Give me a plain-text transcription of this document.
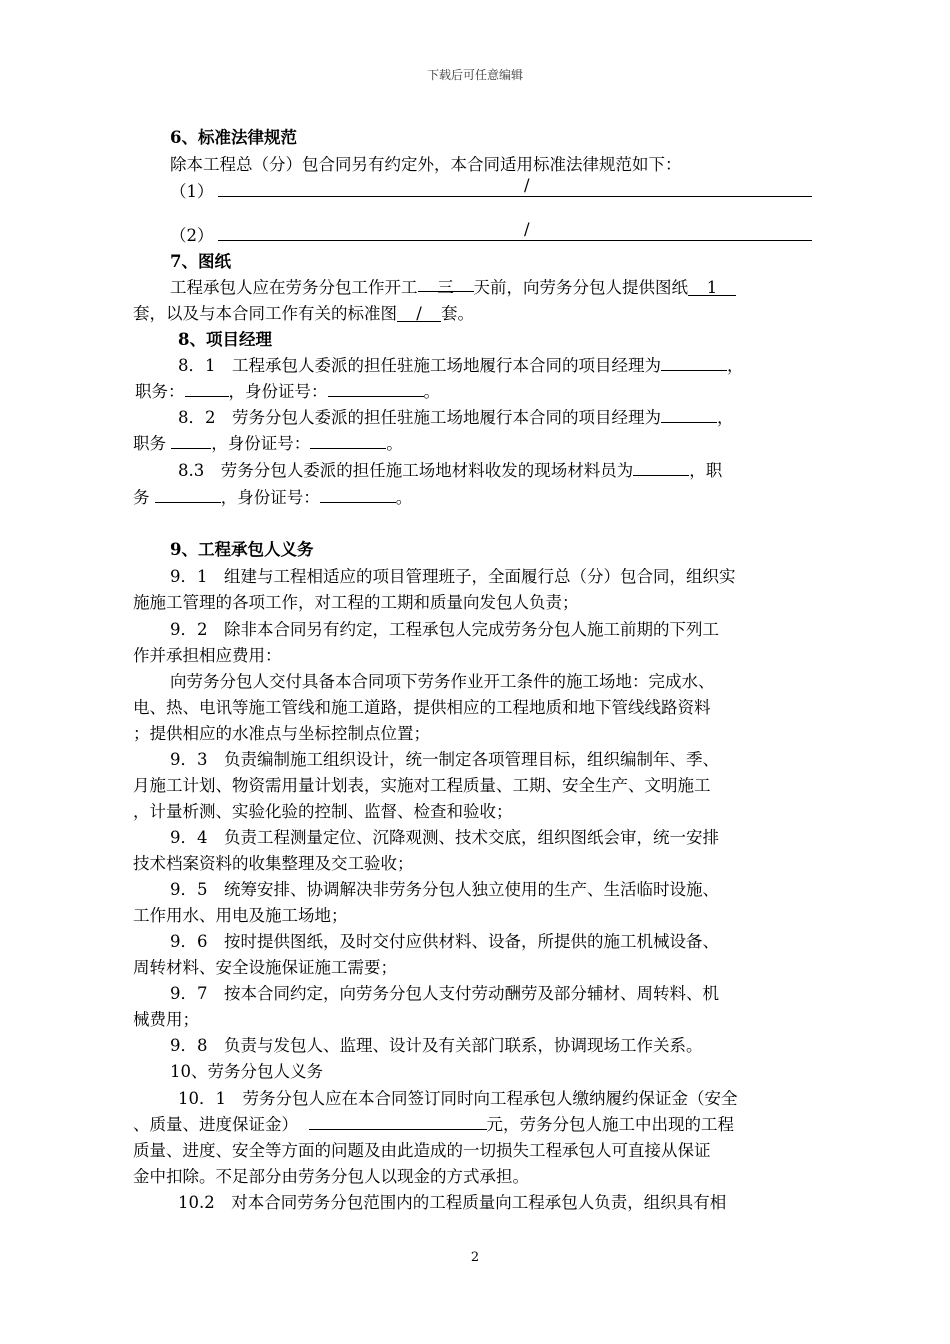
下载后可任意编辑
6、标准法律规范
除本工程总（分）包合同另有约定外，本合同适用标准法律规范如下：
（1）	/
（2）	/
7、图纸
工程承包人应在劳务分包工作开工 三 天前，向劳务分包人提供图纸 1
套，以及与本合同工作有关的标准图 / 套。
8、项目经理
8．1　工程承包人委派的担任驻施工场地履行本合同的项目经理为	，
职务：	，身份证号：	。
8．2　劳务分包人委派的担任驻施工场地履行本合同的项目经理为	，
职务	，身份证号：	。
8.3　劳务分包人委派的担任施工场地材料收发的现场材料员为	，职
务	，身份证号：	。
9、工程承包人义务
9．1　组建与工程相适应的项目管理班子，全面履行总（分）包合同，组织实
施施工管理的各项工作，对工程的工期和质量向发包人负责；
9．2　除非本合同另有约定，工程承包人完成劳务分包人施工前期的下列工
作并承担相应费用：
向劳务分包人交付具备本合同项下劳务作业开工条件的施工场地：完成水、
电、热、电讯等施工管线和施工道路，提供相应的工程地质和地下管线线路资料
；提供相应的水准点与坐标控制点位置；
9．3　负责编制施工组织设计，统一制定各项管理目标，组织编制年、季、
月施工计划、物资需用量计划表，实施对工程质量、工期、安全生产、文明施工
，计量析测、实验化验的控制、监督、检查和验收；
9．4　负责工程测量定位、沉降观测、技术交底，组织图纸会审，统一安排
技术档案资料的收集整理及交工验收；
9．5　统筹安排、协调解决非劳务分包人独立使用的生产、生活临时设施、
工作用水、用电及施工场地；
9．6　按时提供图纸，及时交付应供材料、设备，所提供的施工机械设备、
周转材料、安全设施保证施工需要；
9．7　按本合同约定，向劳务分包人支付劳动酬劳及部分辅材、周转料、机
械费用；
9．8　负责与发包人、监理、设计及有关部门联系，协调现场工作关系。
10、劳务分包人义务
10．1　劳务分包人应在本合同签订同时向工程承包人缴纳履约保证金（安全
、质量、进度保证金）	元，劳务分包人施工中出现的工程
质量、进度、安全等方面的问题及由此造成的一切损失工程承包人可直接从保证
金中扣除。不足部分由劳务分包人以现金的方式承担。
10.2　对本合同劳务分包范围内的工程质量向工程承包人负责，组织具有相
2
